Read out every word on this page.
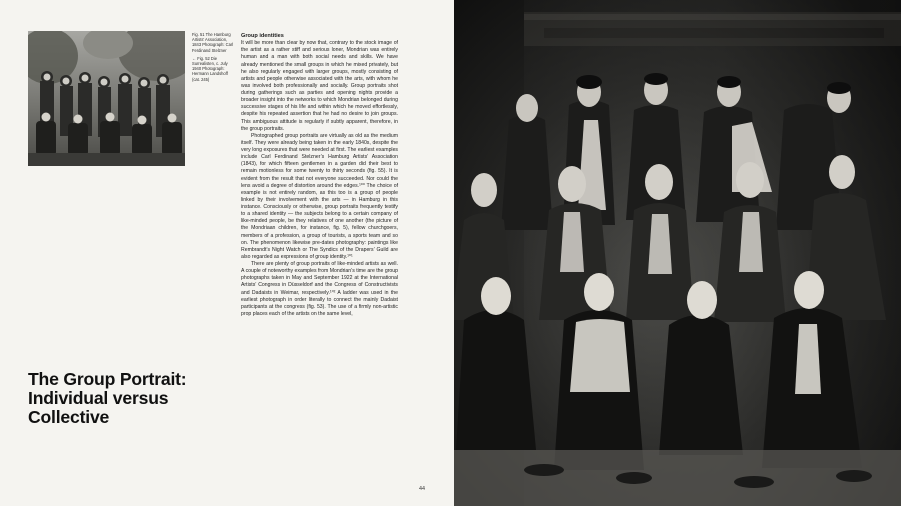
Fig. 51 The Hamburg Artists’ Association, 1843 Photograph: Carl Ferdinand Stelzner

← Fig. 52 Die Surrealisten, c. July 1940 Photograph: Hermann Landshoff (cat. 245)

Group identities

It will be more than clear by now that, contrary to the stock image of the artist as a rather stiff and serious loner, Mondrian was entirely human and a man with both social needs and skills. We have already mentioned the small groups in which he mixed privately, but he also regularly engaged with larger groups, mostly consisting of artists and people otherwise associated with the arts, with whom he was involved both professionally and socially. Group portraits shot during gatherings such as parties and opening nights provide a broader insight into the networks to which Mondrian belonged during successive stages of his life and within which he moved effortlessly, despite his repeated assertion that he had no desire to join groups. This ambiguous attitude is regularly if subtly apparent, therefore, in the group portraits.

Photographed group portraits are virtually as old as the medium itself. They were already being taken in the early 1840s, despite the very long exposures that were needed at first. The earliest examples include Carl Ferdinand Stelzner’s Hamburg Artists’ Association (1843), for which fifteen gentlemen in a garden did their best to remain motionless for some twenty to thirty seconds (fig. 55). It is evident from the result that not everyone succeeded. Nor could the lens avoid a degree of distortion around the edges.¹⁰⁰ The choice of example is not entirely random, as this too is a group of people linked by their involvement with the arts — in Hamburg in this instance. Consciously or otherwise, group portraits frequently testify to a shared identity — the subjects belong to a certain company of like-minded people, be they relatives of one another (the picture of the Mondriaan children, for instance, fig. 5), fellow churchgoers, members of a profession, a group of tourists, a sports team and so on. The phenomenon likewise pre-dates photography: paintings like Rembrandt’s Night Watch or The Syndics of the Drapers’ Guild are also regarded as expressions of group identity.¹⁰¹

There are plenty of group portraits of like-minded artists as well. A couple of noteworthy examples from Mondrian’s time are the group photographs taken in May and September 1922 at the International Artists’ Congress in Düsseldorf and the Congress of Constructivists and Dadaists in Weimar, respectively.¹⁰² A ladder was used in the earliest photograph in order literally to connect the mainly Dadaist participants at the congress (fig. 53). The use of a firmly non-artistic prop places each of the artists on the same level,

The Group Portrait:
Individual versus
Collective
44
